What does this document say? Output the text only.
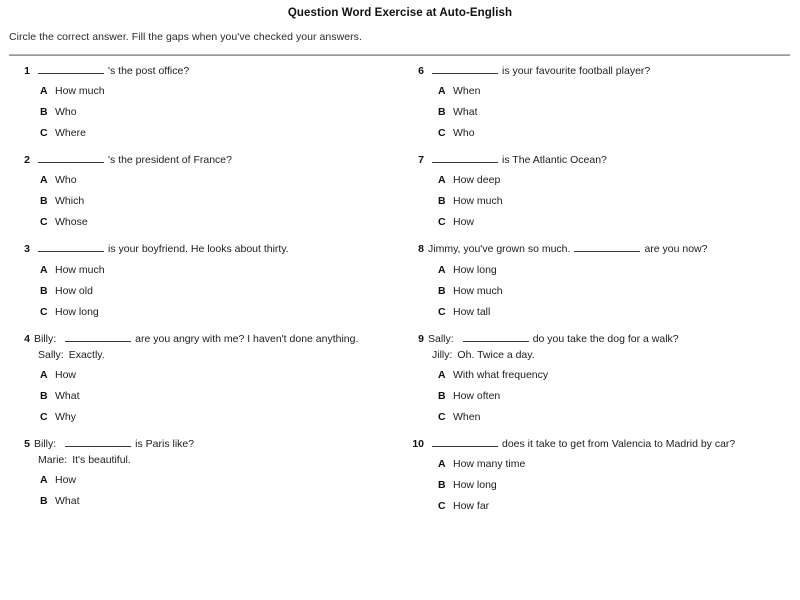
Question Word Exercise at Auto-English

Circle the correct answer. Fill the gaps when you've checked your answers.

1	's the post office?
A How much
B Who
C Where
2	's the president of France?
A Who
B Which
C Whose
3	is your boyfriend. He looks about thirty.
A How much
B How old
C How long
4 Billy:	are you angry with me? I haven't done anything.
Sally: Exactly.
A How
B What
C Why
5 Billy:	is Paris like?
Marie: It's beautiful.
A How
B What
6	is your favourite football player?
A When
B What
C Who
7	is The Atlantic Ocean?
A How deep
B How much
C How
8 Jimmy, you've grown so much.	are you now?
A How long
B How much
C How tall
9 Sally:	do you take the dog for a walk?
Jilly: Oh. Twice a day.
A With what frequency
B How often
C When
10	does it take to get from Valencia to Madrid by car?
A How many time
B How long
C How far
